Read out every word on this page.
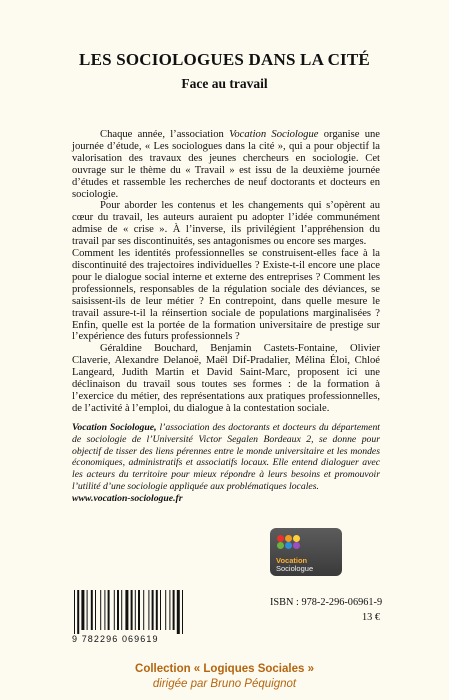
LES SOCIOLOGUES DANS LA CITÉ
Face au travail

Chaque année, l’association Vocation Sociologue organise une journée d’étude, « Les sociologues dans la cité », qui a pour objectif la valorisation des travaux des jeunes chercheurs en sociologie. Cet ouvrage sur le thème du « Travail » est issu de la deuxième journée d’études et rassemble les recherches de neuf doctorants et docteurs en sociologie.

Pour aborder les contenus et les changements qui s’opèrent au cœur du travail, les auteurs auraient pu adopter l’idée communément admise de « crise ». À l’inverse, ils privilégient l’appréhension du travail par ses discontinuités, ses antagonismes ou encore ses marges.

Comment les identités professionnelles se construisent-elles face à la discontinuité des trajectoires individuelles ? Existe-t-il encore une place pour le dialogue social interne et externe des entreprises ? Comment les professionnels, responsables de la régulation sociale des déviances, se saisissent-ils de leur métier ? En contrepoint, dans quelle mesure le travail assure-t-il la réinsertion sociale de populations marginalisées ? Enfin, quelle est la portée de la formation universitaire de prestige sur l’expérience des futurs professionnels ?

Géraldine Bouchard, Benjamin Castets-Fontaine, Olivier Claverie, Alexandre Delanoë, Maël Dif-Pradalier, Mélina Éloi, Chloé Langeard, Judith Martin et David Saint-Marc, proposent ici une déclinaison du travail sous toutes ses formes : de la formation à l’exercice du métier, des représentations aux pratiques professionnelles, de l’activité à l’emploi, du dialogue à la contestation sociale.

Vocation Sociologue, l’association des doctorants et docteurs du département de sociologie de l’Université Victor Segalen Bordeaux 2, se donne pour objectif de tisser des liens pérennes entre le monde universitaire et les mondes économiques, administratifs et associatifs locaux. Elle entend dialoguer avec les acteurs du territoire pour mieux répondre à leurs besoins et promouvoir l’utilité d’une sociologie appliquée aux problématiques locales.
www.vocation-sociologue.fr
Vocation
Sociologue
9 782296 069619
ISBN : 978-2-296-06961-9
13 €
Collection « Logiques Sociales »
dirigée par Bruno Péquignot
